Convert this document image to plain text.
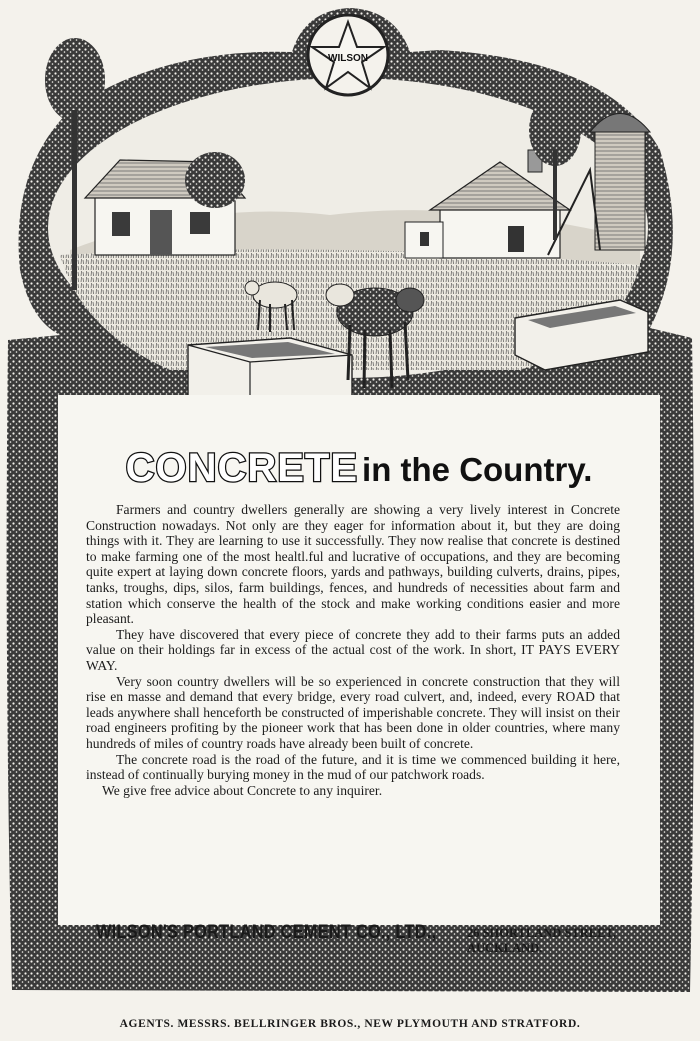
WILSON
CONCRETE in the Country.

Farmers and country dwellers generally are showing a very lively interest in Concrete Construction nowadays. Not only are they eager for information about it, but they are doing things with it. They are learning to use it successfully. They now realise that concrete is destined to make farming one of the most healtl.ful and lucrative of occupations, and they are becoming quite expert at laying down concrete floors, yards and pathways, building culverts, drains, pipes, tanks, troughs, dips, silos, farm buildings, fences, and hundreds of necessities about farm and station which conserve the health of the stock and make working conditions easier and more pleasant.

They have discovered that every piece of concrete they add to their farms puts an added value on their holdings far in excess of the actual cost of the work. In short, IT PAYS EVERY WAY.

Very soon country dwellers will be so experienced in concrete construction that they will rise en masse and demand that every bridge, every road culvert, and, indeed, every ROAD that leads anywhere shall henceforth be constructed of imperishable concrete. They will insist on their road engineers profiting by the pioneer work that has been done in older countries, where many hundreds of miles of country roads have already been built of concrete.

The concrete road is the road of the future, and it is time we commenced building it here, instead of continually burying money in the mud of our patchwork roads.

We give free advice about Concrete to any inquirer.

WILSON'S PORTLAND CEMENT CO., LTD., 26 SHORTLAND STREET,
AUCKLAND.
AGENTS. MESSRS. BELLRINGER BROS., NEW PLYMOUTH AND STRATFORD.
